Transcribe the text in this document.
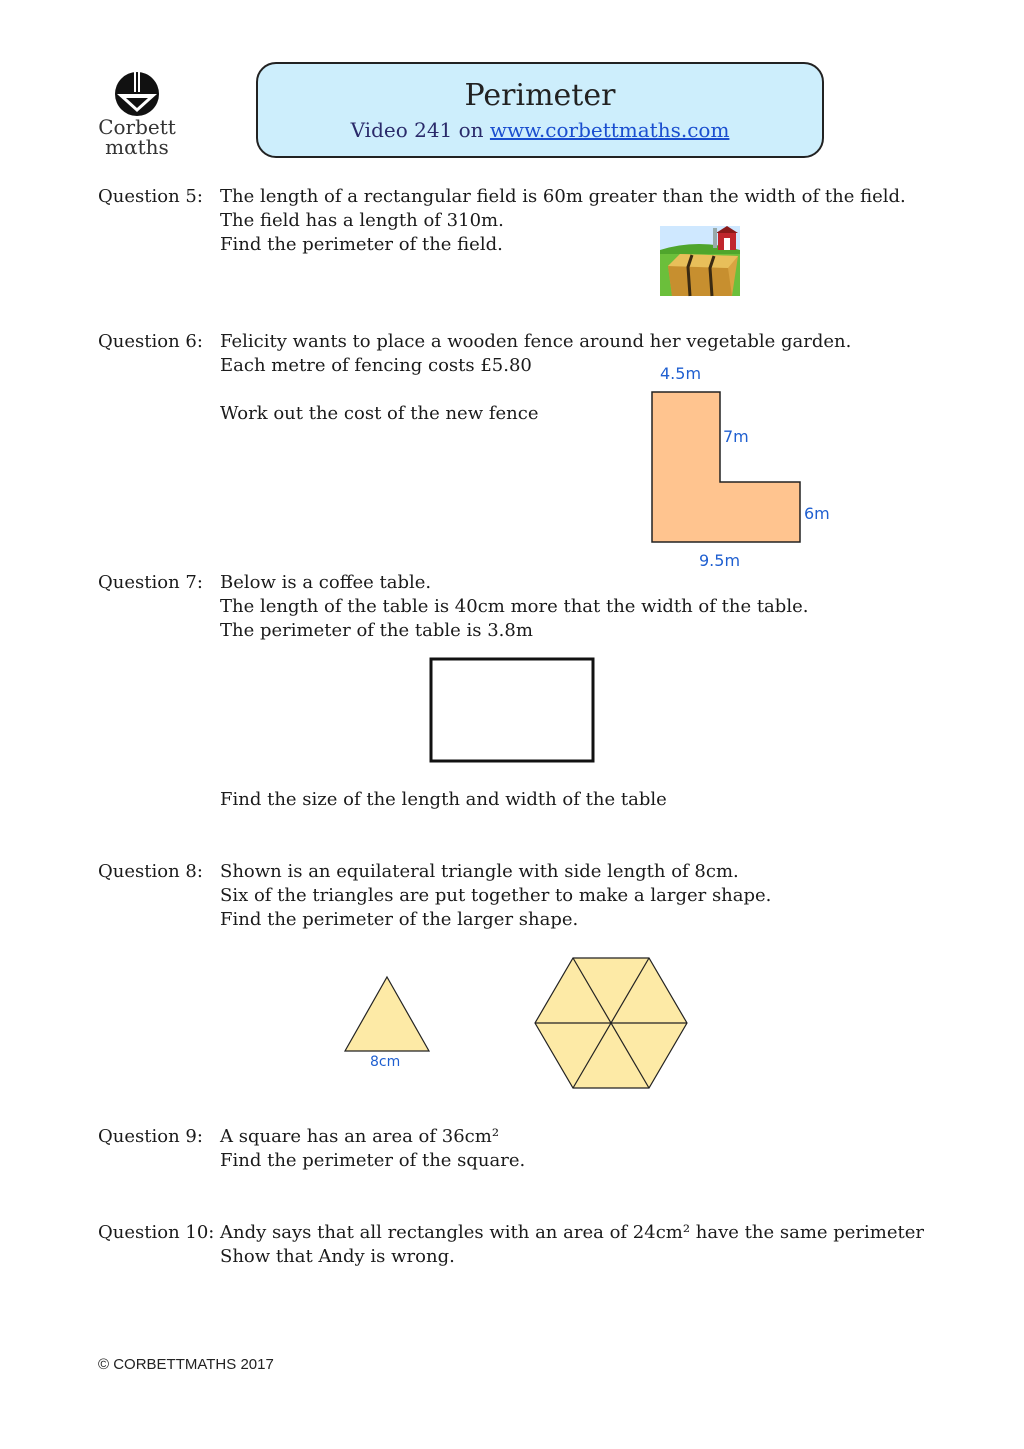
Corbett
mαths
Perimeter
Video 241 on www.corbettmaths.com
Question 5: The length of a rectangular field is 60m greater than the width of the field.
The field has a length of 310m.
Find the perimeter of the field.
Question 6: Felicity wants to place a wooden fence around her vegetable garden.
Each metre of fencing costs £5.80
Work out the cost of the new fence
4.5m
7m
6m
9.5m
Question 7: Below is a coffee table.
The length of the table is 40cm more that the width of the table.
The perimeter of the table is 3.8m
Find the size of the length and width of the table
Question 8: Shown is an equilateral triangle with side length of 8cm.
Six of the triangles are put together to make a larger shape.
Find the perimeter of the larger shape.
8cm
Question 9: A square has an area of 36cm²
Find the perimeter of the square.
Question 10: Andy says that all rectangles with an area of 24cm² have the same perimeter
Show that Andy is wrong.
© CORBETTMATHS 2017
